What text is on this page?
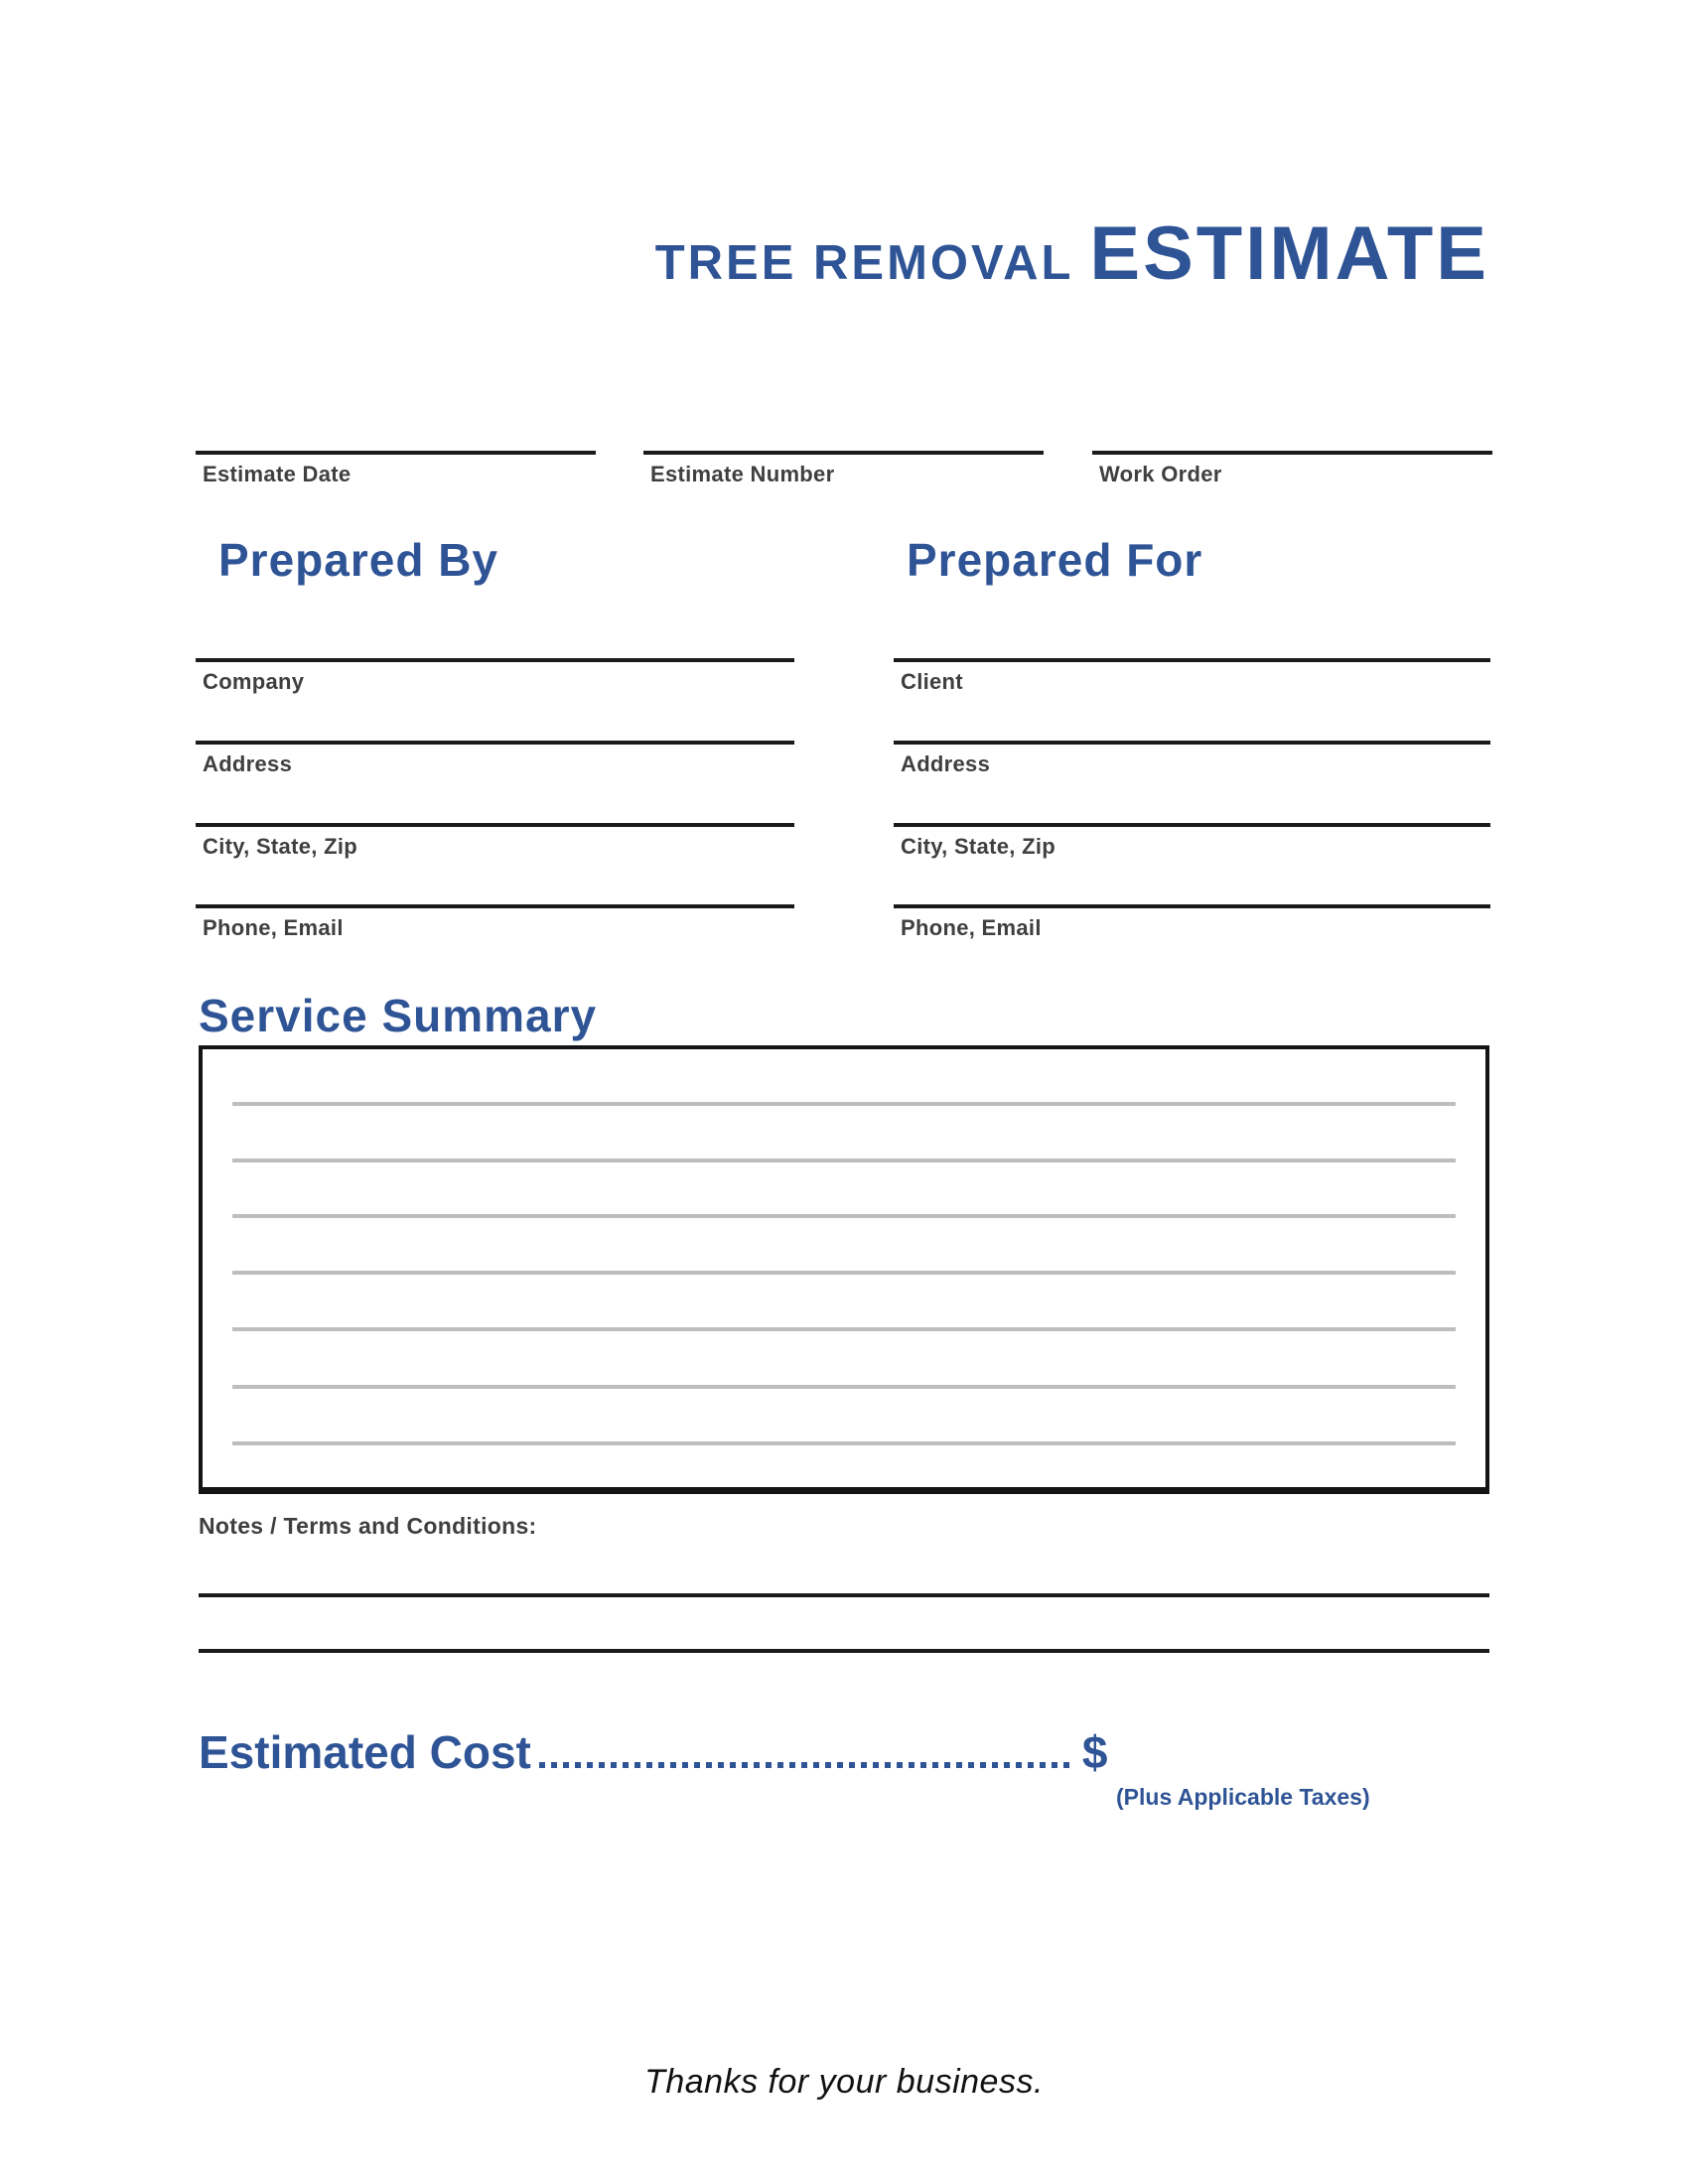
TREE REMOVAL ESTIMATE
Estimate Date	Estimate Number	Work Order
Prepared By	Prepared For
Company
Address
City, State, Zip
Phone, Email
Client
Address
City, State, Zip
Phone, Email
Service Summary
Notes / Terms and Conditions:
Estimated Cost	$
(Plus Applicable Taxes)
Thanks for your business.
